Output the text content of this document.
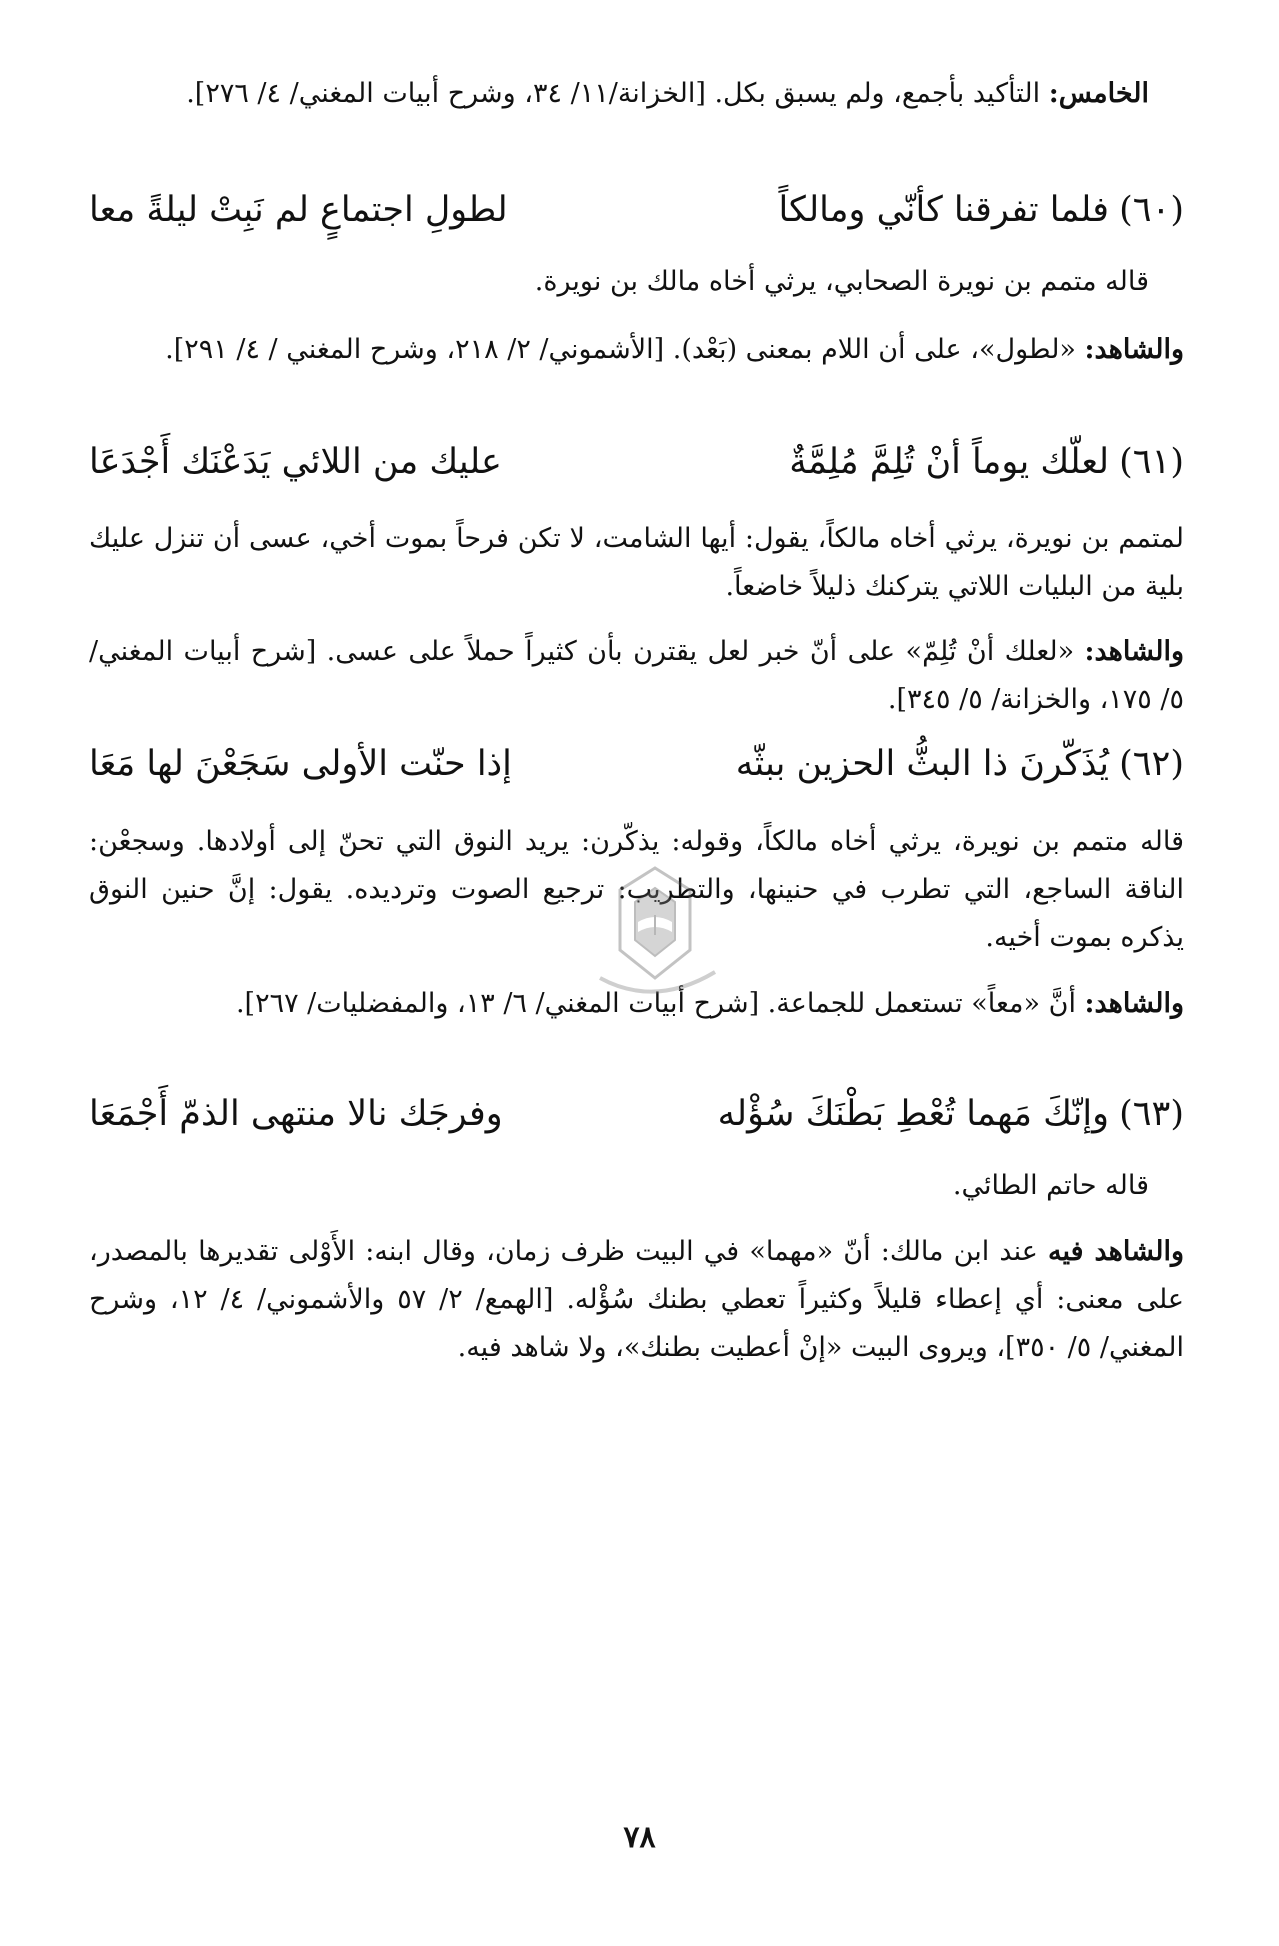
الخامس: التأكيد بأجمع، ولم يسبق بكل. [الخزانة/١١/ ٣٤، وشرح أبيات المغني/ ٤/ ٢٧٦].
(٦٠)
فلما تفرقنا كأنّي ومالكاً
لطولِ اجتماعٍ لم نَبِتْ ليلةً معا
قاله متمم بن نويرة الصحابي، يرثي أخاه مالك بن نويرة.
والشاهد: «لطول»، على أن اللام بمعنى (بَعْد). [الأشموني/ ٢/ ٢١٨، وشرح المغني / ٤/ ٢٩١].
(٦١)
لعلّك يوماً أنْ تُلِمَّ مُلِمَّةٌ
عليك من اللائي يَدَعْنَك أَجْدَعَا
لمتمم بن نويرة، يرثي أخاه مالكاً، يقول: أيها الشامت، لا تكن فرحاً بموت أخي، عسى أن تنزل عليك بلية من البليات اللاتي يتركنك ذليلاً خاضعاً.
والشاهد: «لعلك أنْ تُلِمّ» على أنّ خبر لعل يقترن بأن كثيراً حملاً على عسى. [شرح أبيات المغني/ ٥/ ١٧٥، والخزانة/ ٥/ ٣٤٥].
(٦٢)
يُذَكّرنَ ذا البثُّ الحزين ببثّه
إذا حنّت الأولى سَجَعْنَ لها مَعَا
قاله متمم بن نويرة، يرثي أخاه مالكاً، وقوله: يذكّرن: يريد النوق التي تحنّ إلى أولادها. وسجعْن: الناقة الساجع، التي تطرب في حنينها، والتطريب: ترجيع الصوت وترديده. يقول: إنَّ حنين النوق يذكره بموت أخيه.
والشاهد: أنَّ «معاً» تستعمل للجماعة. [شرح أبيات المغني/ ٦/ ١٣، والمفضليات/ ٢٦٧].
(٦٣)
وإنّكَ مَهما تُعْطِ بَطْنَكَ سُؤْله
وفرجَك نالا منتهى الذمّ أَجْمَعَا
قاله حاتم الطائي.
والشاهد فيه عند ابن مالك: أنّ «مهما» في البيت ظرف زمان، وقال ابنه: الأَوْلى تقديرها بالمصدر، على معنى: أي إعطاء قليلاً وكثيراً تعطي بطنك سُؤْله. [الهمع/ ٢/ ٥٧ والأشموني/ ٤/ ١٢، وشرح المغني/ ٥/ ٣٥٠]، ويروى البيت «إنْ أعطيت بطنك»، ولا شاهد فيه.
٧٨
